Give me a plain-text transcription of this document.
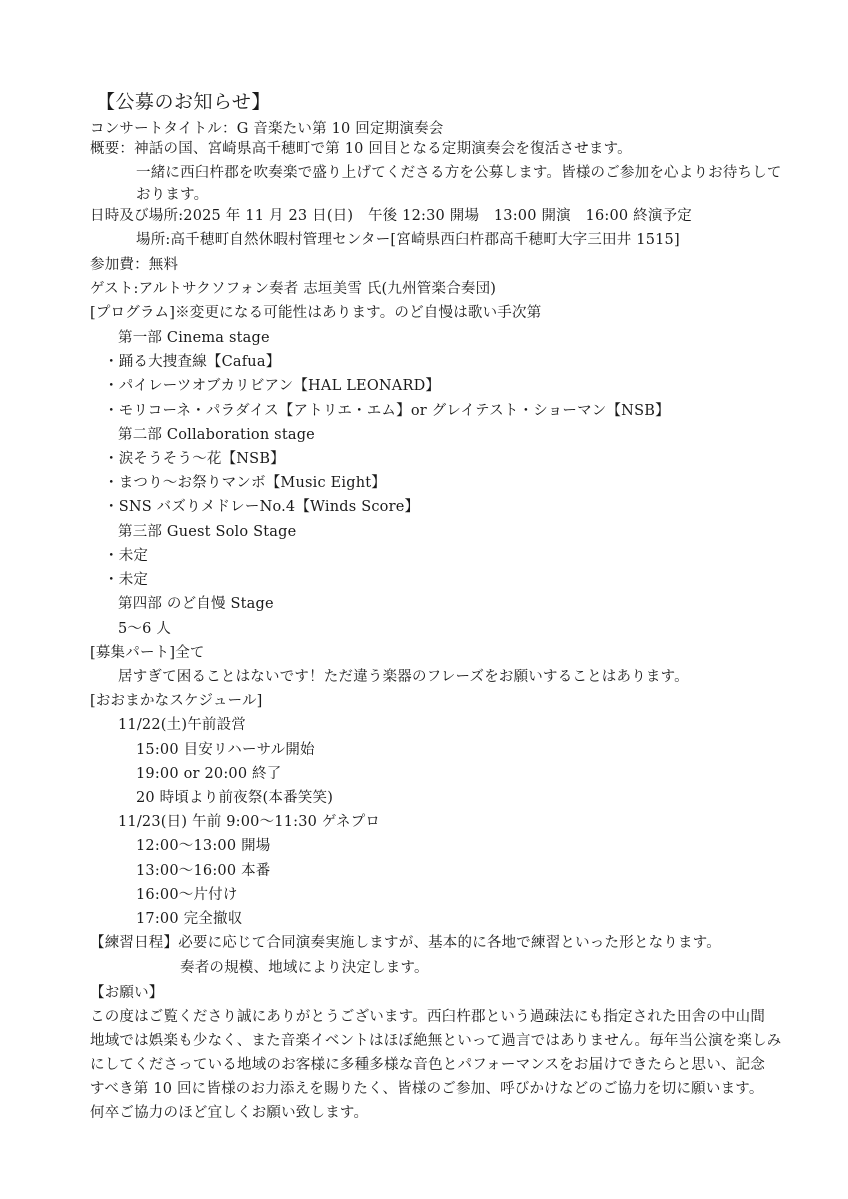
【公募のお知らせ】
コンサートタイトル：G 音楽たい第 10 回定期演奏会
概要：神話の国、宮崎県高千穂町で第 10 回目となる定期演奏会を復活させます。
一緒に西臼杵郡を吹奏楽で盛り上げてくださる方を公募します。皆様のご参加を心よりお待ちして
おります。
日時及び場所:2025 年 11 月 23 日(日)　午後 12:30 開場　13:00 開演　16:00 終演予定
場所:高千穂町自然休暇村管理センター[宮崎県西臼杵郡高千穂町大字三田井 1515]
参加費：無料
ゲスト:アルトサクソフォン奏者 志垣美雪 氏(九州管楽合奏団)
[プログラム]※変更になる可能性はあります。のど自慢は歌い手次第
第一部 Cinema stage
・踊る大捜査線【Cafua】
・パイレーツオブカリビアン【HAL LEONARD】
・モリコーネ・パラダイス【アトリエ・エム】or グレイテスト・ショーマン【NSB】
第二部 Collaboration stage
・涙そうそう〜花【NSB】
・まつり〜お祭りマンボ【Music Eight】
・SNS バズりメドレーNo.4【Winds Score】
第三部 Guest Solo Stage
・未定
・未定
第四部 のど自慢 Stage
5〜6 人
[募集パート]全て
居すぎて困ることはないです！ただ違う楽器のフレーズをお願いすることはあります。
[おおまかなスケジュール]
11/22(土)午前設営
15:00 目安リハーサル開始
19:00 or 20:00 終了
20 時頃より前夜祭(本番笑笑)
11/23(日) 午前 9:00〜11:30 ゲネプロ
12:00〜13:00 開場
13:00〜16:00 本番
16:00〜片付け
17:00 完全撤収
【練習日程】必要に応じて合同演奏実施しますが、基本的に各地で練習といった形となります。
奏者の規模、地域により決定します。
【お願い】
この度はご覧くださり誠にありがとうございます。西臼杵郡という過疎法にも指定された田舎の中山間
地域では娯楽も少なく、また音楽イベントはほぼ絶無といって過言ではありません。毎年当公演を楽しみ
にしてくださっている地域のお客様に多種多様な音色とパフォーマンスをお届けできたらと思い、記念
すべき第 10 回に皆様のお力添えを賜りたく、皆様のご参加、呼びかけなどのご協力を切に願います。
何卒ご協力のほど宜しくお願い致します。
